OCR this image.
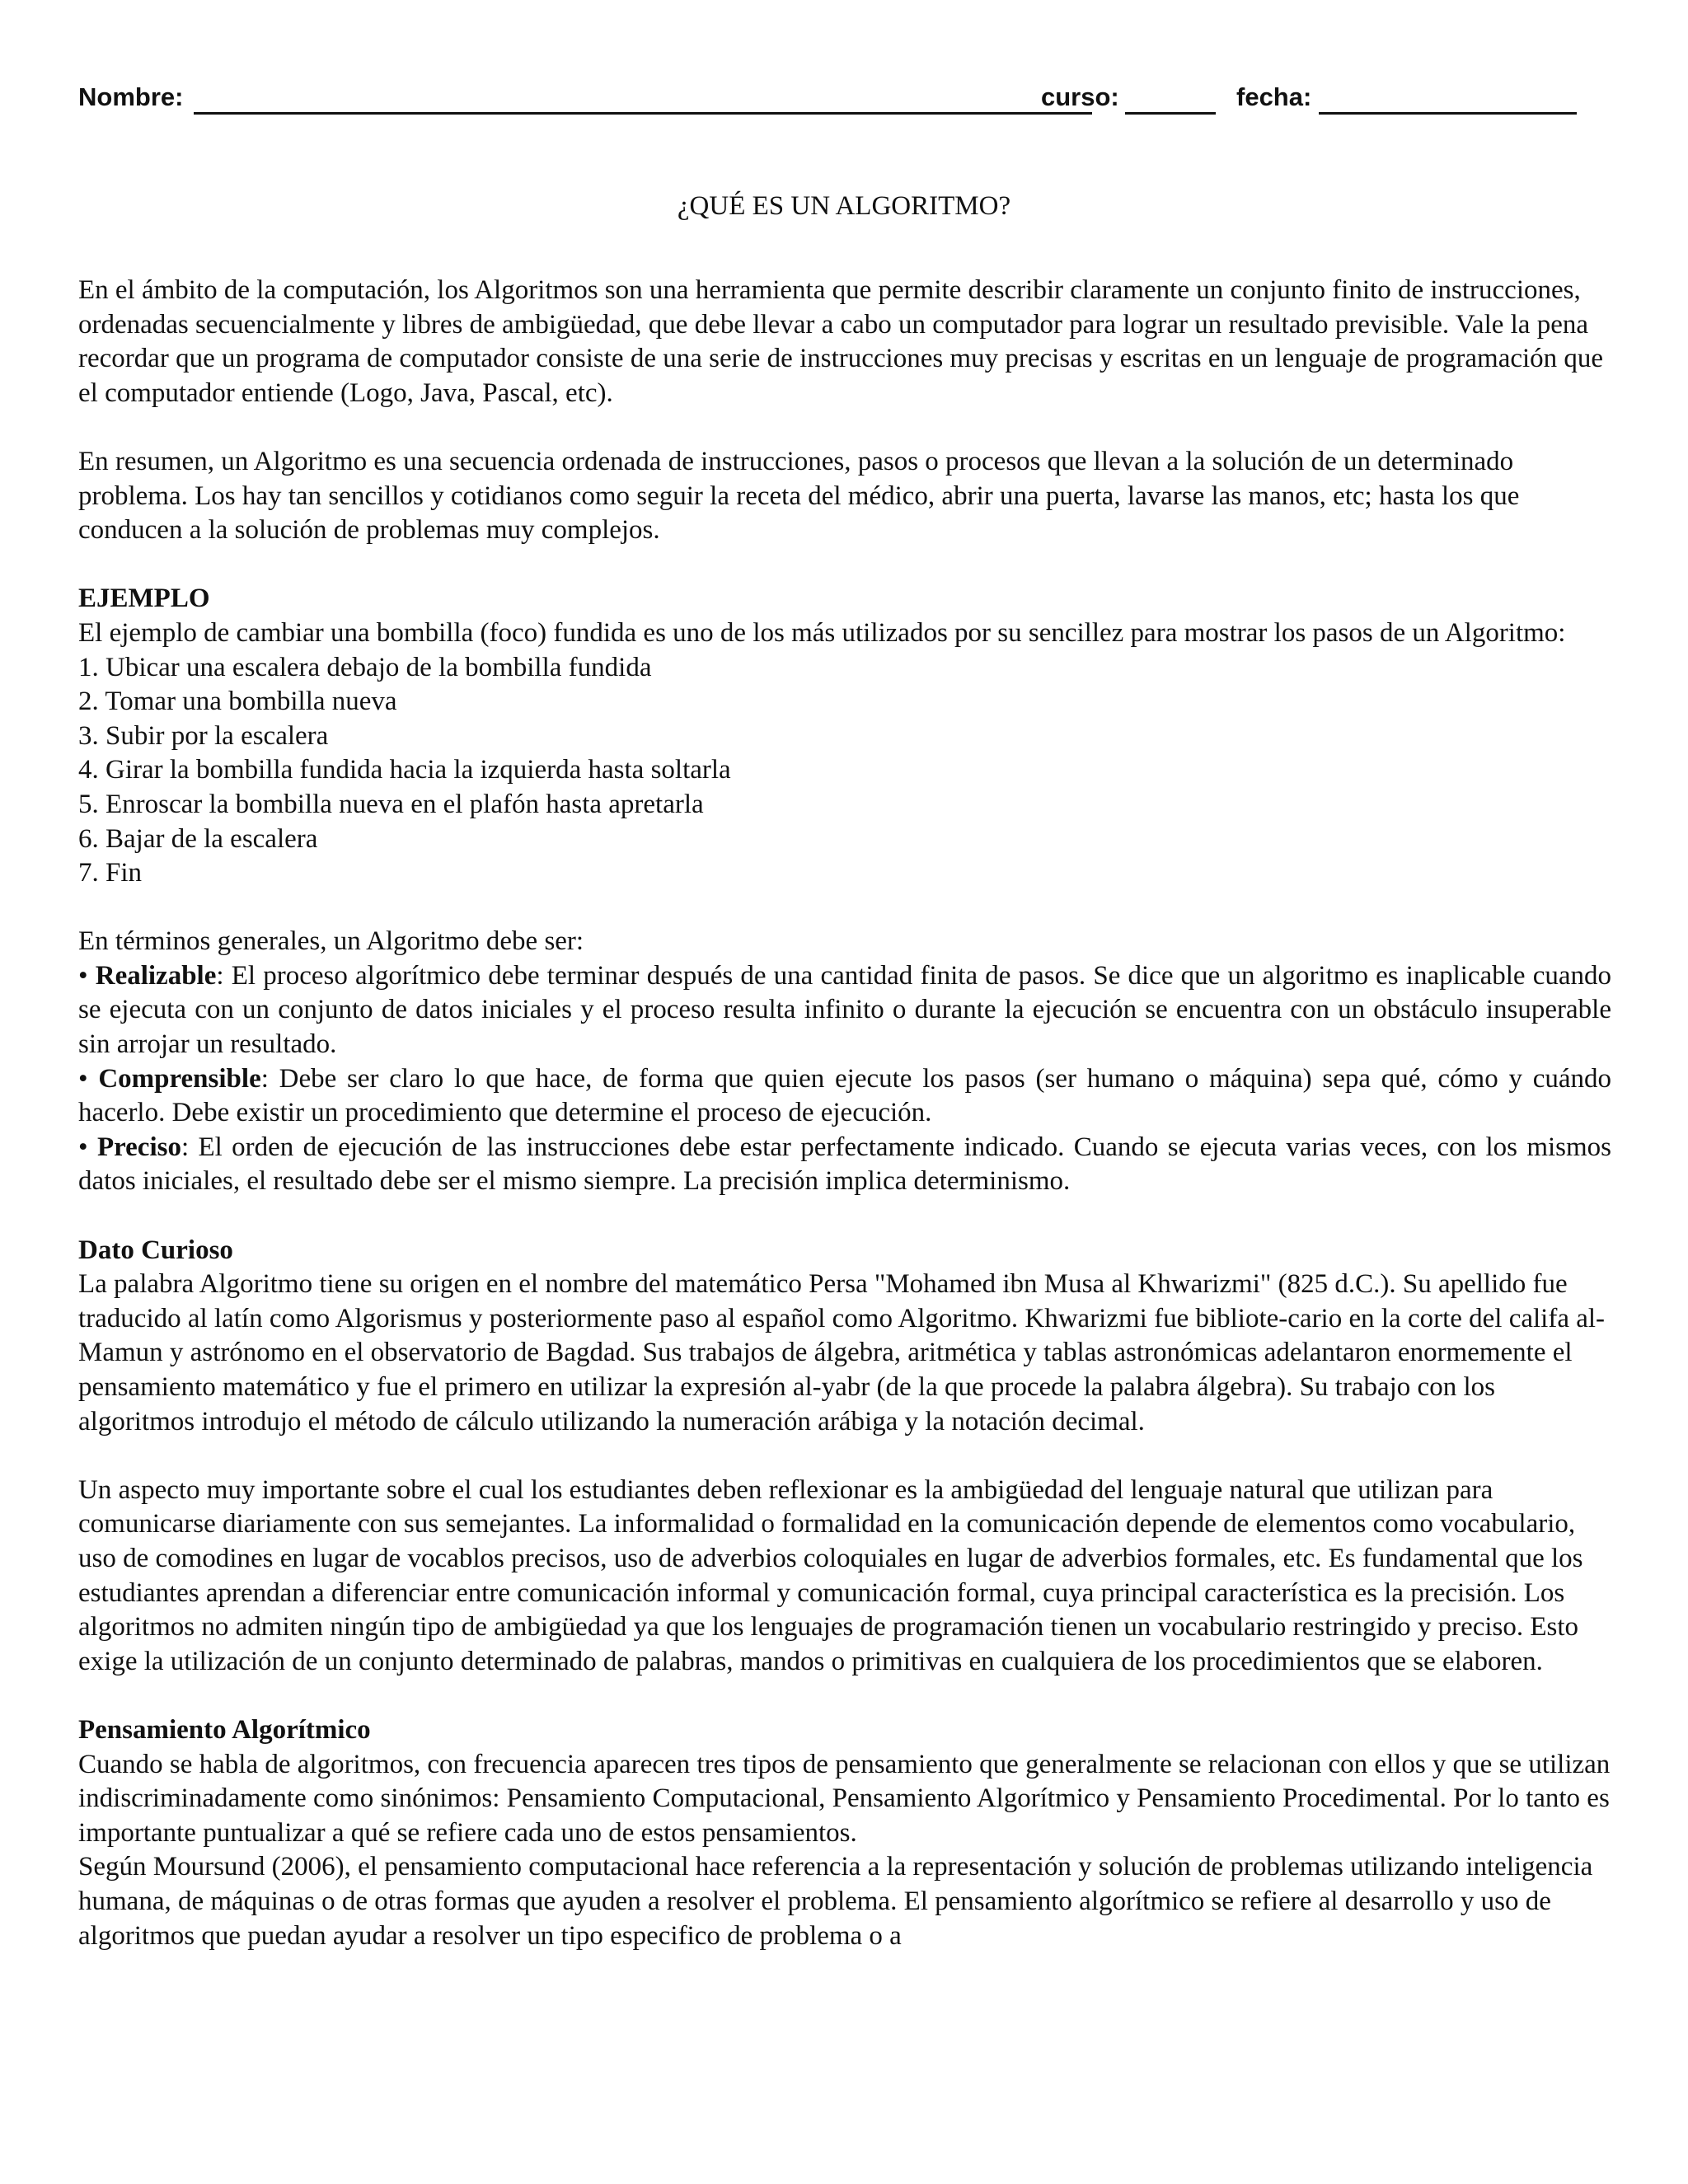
Nombre:	curso:	fecha:
¿QUÉ ES UN ALGORITMO?

En el ámbito de la computación, los Algoritmos son una herramienta que permite describir claramente un conjunto finito de instrucciones, ordenadas secuencialmente y libres de ambigüedad, que debe llevar a cabo un computador para lograr un resultado previsible. Vale la pena recordar que un programa de computador consiste de una serie de instrucciones muy precisas y escritas en un lenguaje de programación que el computador entiende (Logo, Java, Pascal, etc).

En resumen, un Algoritmo es una secuencia ordenada de instrucciones, pasos o procesos que llevan a la solución de un determinado problema. Los hay tan sencillos y cotidianos como seguir la receta del médico, abrir una puerta, lavarse las manos, etc; hasta los que conducen a la solución de problemas muy complejos.

EJEMPLO

El ejemplo de cambiar una bombilla (foco) fundida es uno de los más utilizados por su sencillez para mostrar los pasos de un Algoritmo:

1. Ubicar una escalera debajo de la bombilla fundida
2. Tomar una bombilla nueva
3. Subir por la escalera
4. Girar la bombilla fundida hacia la izquierda hasta soltarla
5. Enroscar la bombilla nueva en el plafón hasta apretarla
6. Bajar de la escalera
7. Fin

En términos generales, un Algoritmo debe ser:

• Realizable: El proceso algorítmico debe terminar después de una cantidad finita de pasos. Se dice que un algoritmo es inaplicable cuando se ejecuta con un conjunto de datos iniciales y el proceso resulta infinito o durante la ejecución se encuentra con un obstáculo insuperable sin arrojar un resultado.

• Comprensible: Debe ser claro lo que hace, de forma que quien ejecute los pasos (ser humano o máquina) sepa qué, cómo y cuándo hacerlo. Debe existir un procedimiento que determine el proceso de ejecución.

• Preciso: El orden de ejecución de las instrucciones debe estar perfectamente indicado. Cuando se ejecuta varias veces, con los mismos datos iniciales, el resultado debe ser el mismo siempre. La precisión implica determinismo.

Dato Curioso

La palabra Algoritmo tiene su origen en el nombre del matemático Persa "Mohamed ibn Musa al Khwarizmi" (825 d.C.). Su apellido fue traducido al latín como Algorismus y posteriormente paso al español como Algoritmo. Khwarizmi fue bibliote-cario en la corte del califa al-Mamun y astrónomo en el observatorio de Bagdad. Sus trabajos de álgebra, aritmética y tablas astronómicas adelantaron enormemente el pensamiento matemático y fue el primero en utilizar la expresión al-yabr (de la que procede la palabra álgebra). Su trabajo con los algoritmos introdujo el método de cálculo utilizando la numeración arábiga y la notación decimal.

Un aspecto muy importante sobre el cual los estudiantes deben reflexionar es la ambigüedad del lenguaje natural que utilizan para comunicarse diariamente con sus semejantes. La informalidad o formalidad en la comunicación depende de elementos como vocabulario, uso de comodines en lugar de vocablos precisos, uso de adverbios coloquiales en lugar de adverbios formales, etc. Es fundamental que los estudiantes aprendan a diferenciar entre comunicación informal y comunicación formal, cuya principal característica es la precisión. Los algoritmos no admiten ningún tipo de ambigüedad ya que los lenguajes de programación tienen un vocabulario restringido y preciso. Esto exige la utilización de un conjunto determinado de palabras, mandos o primitivas en cualquiera de los procedimientos que se elaboren.

Pensamiento Algorítmico

Cuando se habla de algoritmos, con frecuencia aparecen tres tipos de pensamiento que generalmente se relacionan con ellos y que se utilizan indiscriminadamente como sinónimos: Pensamiento Computacional, Pensamiento Algorítmico y Pensamiento Procedimental. Por lo tanto es importante puntualizar a qué se refiere cada uno de estos pensamientos.

Según Moursund (2006), el pensamiento computacional hace referencia a la representación y solución de problemas utilizando inteligencia humana, de máquinas o de otras formas que ayuden a resolver el problema. El pensamiento algorítmico se refiere al desarrollo y uso de algoritmos que puedan ayudar a resolver un tipo especifico de problema o a
